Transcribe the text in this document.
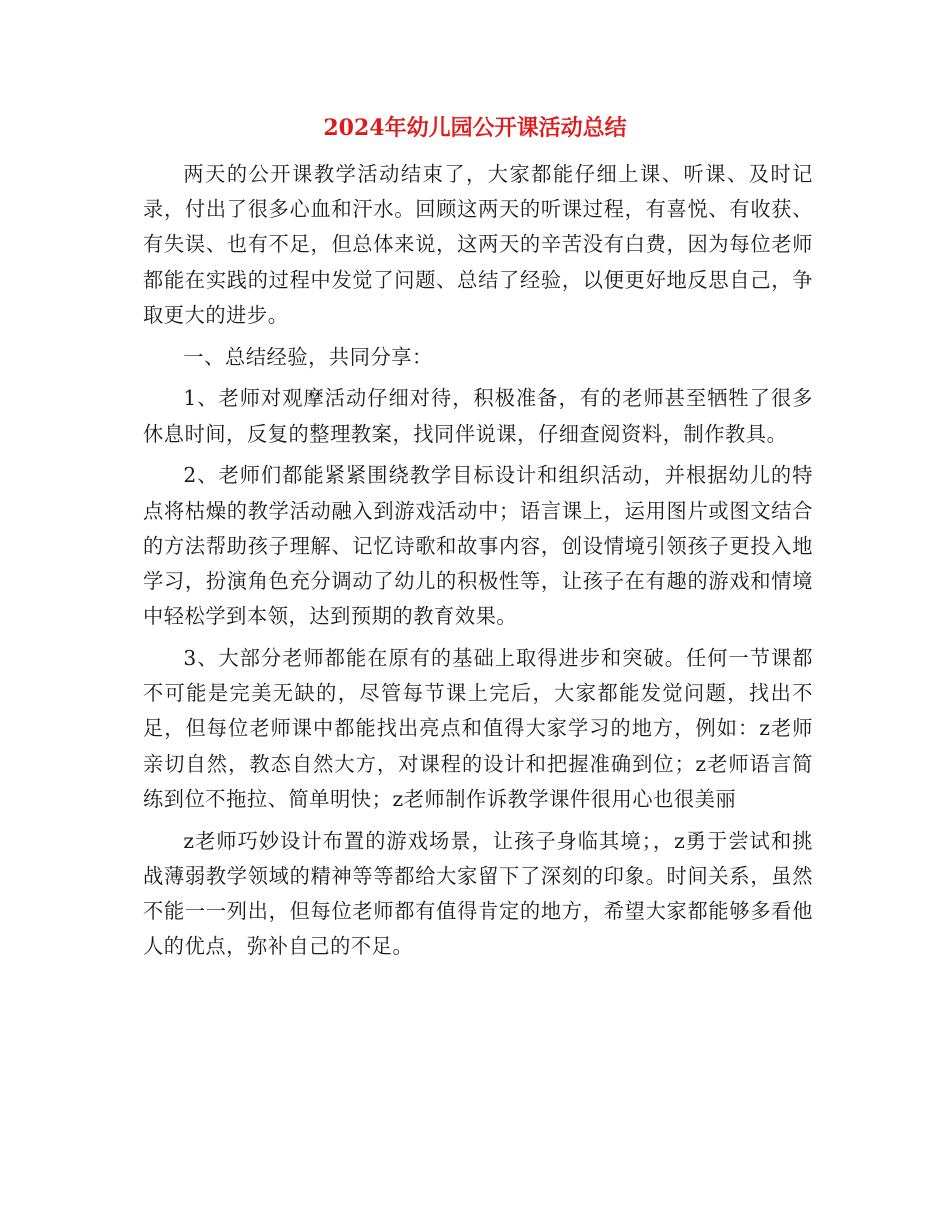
2024年幼儿园公开课活动总结

两天的公开课教学活动结束了，大家都能仔细上课、听课、及时记录，付出了很多心血和汗水。回顾这两天的听课过程，有喜悦、有收获、有失误、也有不足，但总体来说，这两天的辛苦没有白费，因为每位老师都能在实践的过程中发觉了问题、总结了经验，以便更好地反思自己，争取更大的进步。

一、总结经验，共同分享：

1、老师对观摩活动仔细对待，积极准备，有的老师甚至牺牲了很多休息时间，反复的整理教案，找同伴说课，仔细查阅资料，制作教具。

2、老师们都能紧紧围绕教学目标设计和组织活动，并根据幼儿的特点将枯燥的教学活动融入到游戏活动中；语言课上，运用图片或图文结合的方法帮助孩子理解、记忆诗歌和故事内容，创设情境引领孩子更投入地学习，扮演角色充分调动了幼儿的积极性等，让孩子在有趣的游戏和情境中轻松学到本领，达到预期的教育效果。

3、大部分老师都能在原有的基础上取得进步和突破。任何一节课都不可能是完美无缺的，尽管每节课上完后，大家都能发觉问题，找出不足，但每位老师课中都能找出亮点和值得大家学习的地方，例如：z老师亲切自然，教态自然大方，对课程的设计和把握准确到位；z老师语言简练到位不拖拉、简单明快；z老师制作诉教学课件很用心也很美丽

z老师巧妙设计布置的游戏场景，让孩子身临其境；，z勇于尝试和挑战薄弱教学领域的精神等等都给大家留下了深刻的印象。时间关系，虽然不能一一列出，但每位老师都有值得肯定的地方，希望大家都能够多看他人的优点，弥补自己的不足。
